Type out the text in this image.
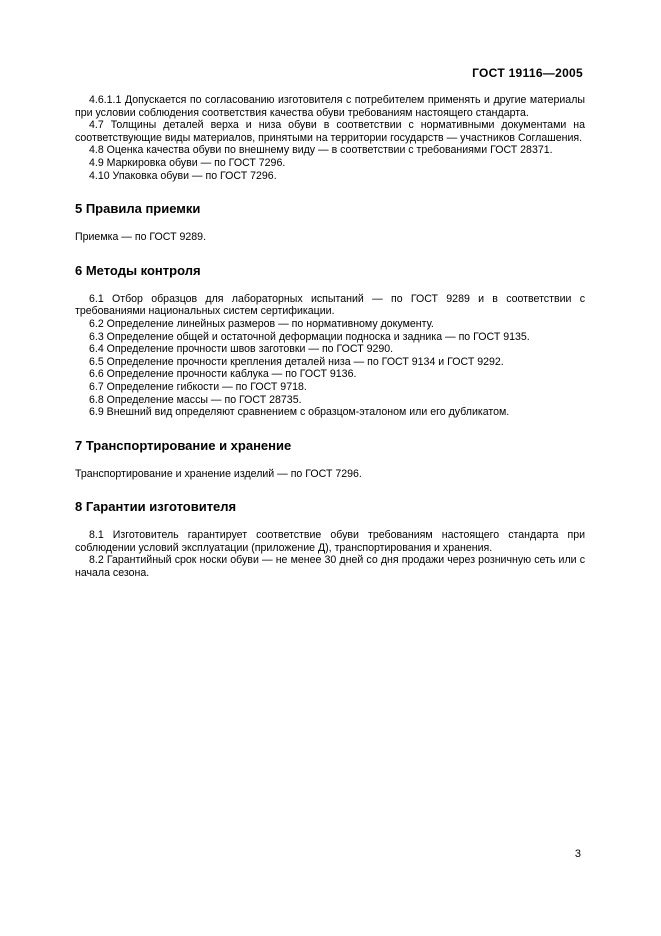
ГОСТ 19116—2005

4.6.1.1 Допускается по согласованию изготовителя с потребителем применять и другие материалы при условии соблюдения соответствия качества обуви требованиям настоящего стандарта.

4.7 Толщины деталей верха и низа обуви в соответствии с нормативными документами на соответствующие виды материалов, принятыми на территории государств — участников Соглашения.

4.8 Оценка качества обуви по внешнему виду — в соответствии с требованиями ГОСТ 28371.

4.9 Маркировка обуви — по ГОСТ 7296.

4.10 Упаковка обуви — по ГОСТ 7296.

5 Правила приемки

Приемка — по ГОСТ 9289.

6 Методы контроля

6.1 Отбор образцов для лабораторных испытаний — по ГОСТ 9289 и в соответствии с требованиями национальных систем сертификации.

6.2 Определение линейных размеров — по нормативному документу.

6.3 Определение общей и остаточной деформации подноска и задника — по ГОСТ 9135.

6.4 Определение прочности швов заготовки — по ГОСТ 9290.

6.5 Определение прочности крепления деталей низа — по ГОСТ 9134 и ГОСТ 9292.

6.6 Определение прочности каблука — по ГОСТ 9136.

6.7 Определение гибкости — по ГОСТ 9718.

6.8 Определение массы — по ГОСТ 28735.

6.9 Внешний вид определяют сравнением с образцом-эталоном или его дубликатом.

7 Транспортирование и хранение

Транспортирование и хранение изделий — по ГОСТ 7296.

8 Гарантии изготовителя

8.1 Изготовитель гарантирует соответствие обуви требованиям настоящего стандарта при соблюдении условий эксплуатации (приложение Д), транспортирования и хранения.

8.2 Гарантийный срок носки обуви — не менее 30 дней со дня продажи через розничную сеть или с начала сезона.

3
